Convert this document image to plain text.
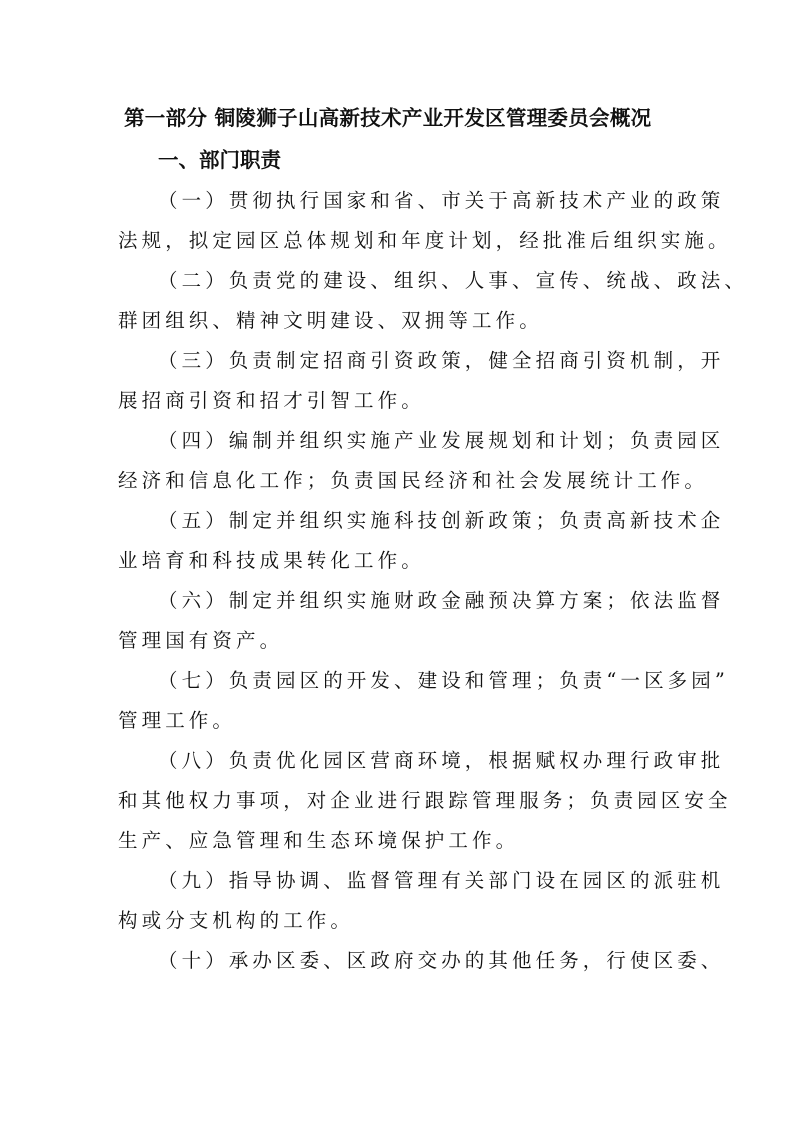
第一部分 铜陵狮子山高新技术产业开发区管理委员会概况
一、部门职责
（一）贯彻执行国家和省、市关于高新技术产业的政策
法规，拟定园区总体规划和年度计划，经批准后组织实施。
（二）负责党的建设、组织、人事、宣传、统战、政法、
群团组织、精神文明建设、双拥等工作。
（三）负责制定招商引资政策，健全招商引资机制，开
展招商引资和招才引智工作。
（四）编制并组织实施产业发展规划和计划；负责园区
经济和信息化工作；负责国民经济和社会发展统计工作。
（五）制定并组织实施科技创新政策；负责高新技术企
业培育和科技成果转化工作。
（六）制定并组织实施财政金融预决算方案；依法监督
管理国有资产。
（七）负责园区的开发、建设和管理；负责“一区多园”
管理工作。
（八）负责优化园区营商环境，根据赋权办理行政审批
和其他权力事项，对企业进行跟踪管理服务；负责园区安全
生产、应急管理和生态环境保护工作。
（九）指导协调、监督管理有关部门设在园区的派驻机
构或分支机构的工作。
（十）承办区委、区政府交办的其他任务，行使区委、
